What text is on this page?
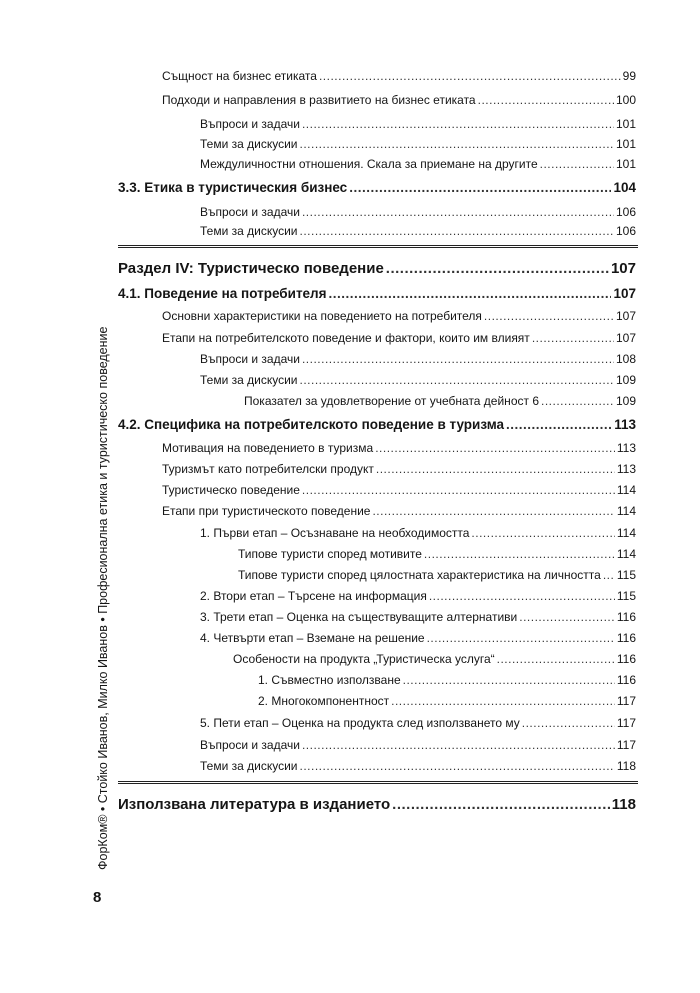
Същност на бизнес етиката .....	99
Подходи и направления в развитието на бизнес етиката .....	100
Въпроси и задачи .....	101
Теми за дискусии .....	101
Междуличностни отношения. Скала за приемане на другите .....	101
3.3. Етика в туристическия бизнес .....	104
Въпроси и задачи .....	106
Теми за дискусии .....	106
Раздел IV: Туристическо поведение .....	107
4.1. Поведение на потребителя .....	107
Основни характеристики на поведението на потребителя .....	107
Етапи на потребителското поведение и фактори, които им влияят .....	107
Въпроси и задачи .....	108
Теми за дискусии .....	109
Показател за удовлетворение от учебната дейност 6 .....	109
4.2. Специфика на потребителското поведение в туризма .....	113
Мотивация на поведението в туризма .....	113
Туризмът като потребителски продукт .....	113
Туристическо поведение .....	114
Етапи при туристическото поведение .....	114
1. Първи етап – Осъзнаване на необходимостта .....	114
Типове туристи според мотивите .....	114
Типове туристи според цялостната характеристика на личността ..... 115
2. Втори етап – Търсене на информация .....	115
3. Трети етап – Оценка на съществуващите алтернативи .....	116
4. Четвърти етап – Вземане на решение .....	116
Особености на продукта „Туристическа услуга“ .....	116
1. Съвместно използване .....	116
2. Многокомпонентност .....	117
5. Пети етап – Оценка на продукта след използването му .....	117
Въпроси и задачи .....	117
Теми за дискусии .....	118
Използвана литература в изданието .....	118
ФорКом® • Стойко Иванов, Милко Иванов • Професионална етика и туристическо поведение
8
